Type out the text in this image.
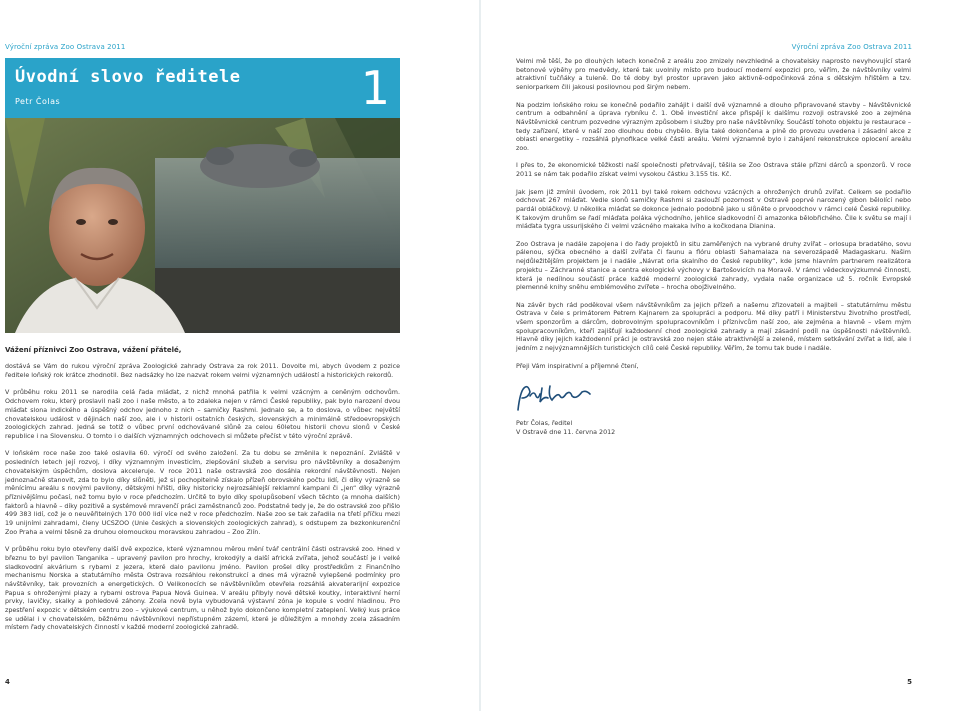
Výroční zpráva Zoo Ostrava 2011
Úvodní slovo ředitele
Petr Čolas	1

Vážení příznivci Zoo Ostrava, vážení přátelé,

dostává se Vám do rukou výroční zpráva Zoologické zahrady Ostrava za rok 2011. Dovolte mi, abych úvodem z pozice ředitele loňský rok krátce zhodnotil. Bez nadsázky ho lze nazvat rokem velmi významných událostí a historických rekordů.

V průběhu roku 2011 se narodila celá řada mláďat, z nichž mnohá patřila k velmi vzácným a ceněným odchovům. Odchovem roku, který proslavil naši zoo i naše město, a to zdaleka nejen v rámci České republiky, pak bylo narození dvou mláďat slona indického a úspěšný odchov jednoho z nich – samičky Rashmi. Jednalo se, a to doslova, o vůbec největší chovatelskou událost v dějinách naší zoo, ale i v historii ostatních českých, slovenských a minimálně středoevropských zoologických zahrad. Jedná se totiž o vůbec první odchovávané slůně za celou 60letou historii chovu slonů v České republice i na Slovensku. O tomto i o dalších významných odchovech si můžete přečíst v této výroční zprávě.

V loňském roce naše zoo také oslavila 60. výročí od svého založení. Za tu dobu se změnila k nepoznání. Zvláště v posledních letech její rozvoj, i díky významným investicím, zlepšování služeb a servisu pro návštěvníky a dosaženým chovatelským úspěchům, doslova akceleruje. V roce 2011 naše ostravská zoo dosáhla rekordní návštěvnosti. Nejen jednoznačně stanovit, zda to bylo díky slůněti, jež si pochopitelně získalo přízeň obrovského počtu lidí, či díky výrazně se měnícímu areálu s novými pavilony, dětskými hřišti, díky historicky nejrozsáhlejší reklamní kampani či „jen“ díky výrazně příznivějšímu počasí, než tomu bylo v roce předchozím. Určitě to bylo díky spolupůsobení všech těchto (a mnoha dalších) faktorů a hlavně – díky pozitivě a systémové mravenčí práci zaměstnanců zoo. Podstatné tedy je, že do ostravské zoo přišlo 499 383 lidí, což je o neuvěřitelných 170 000 lidí více než v roce předchozím. Naše zoo se tak zařadila na třetí příčku mezi 19 unijními zahradami, členy UCSZOO (Unie českých a slovenských zoologických zahrad), s odstupem za bezkonkurenční Zoo Praha a velmi těsně za druhou olomouckou moravskou zahradou – Zoo Zlín.

V průběhu roku bylo otevřeny další dvě expozice, které významnou měrou mění tvář centrální části ostravské zoo. Hned v březnu to byl pavilon Tanganika – upravený pavilon pro hrochy, krokodýly a další africká zvířata, jehož součástí je i velké sladkovodní akvárium s rybami z jezera, které dalo pavilonu jméno. Pavilon prošel díky prostředkům z Finančního mechanismu Norska a statutárního města Ostrava rozsáhlou rekonstrukcí a dnes má výrazně vylepšené podmínky pro návštěvníky, tak provozních a energetických. O Velikonocích se návštěvníkům otevřela rozsáhlá akvaterarijní expozice Papua s ohroženými plazy a rybami ostrova Papua Nová Guinea. V areálu přibyly nové dětské koutky, interaktivní herní prvky, lavičky, skalky a pohledové záhony. Zcela nově byla vybudovaná výstavní zóna je kopule s vodní hladinou. Pro zpestření expozic v dětském centru zoo – výukové centrum, u něhož bylo dokončeno kompletní zateplení. Velký kus práce se udělal i v chovatelském, běžnému návštěvníkovi nepřístupném zázemí, které je důležitým a mnohdy zcela zásadním místem řady chovatelských činností v každé moderní zoologické zahradě.

4
Výroční zpráva Zoo Ostrava 2011
5

Velmi mě těší, že po dlouhých letech konečně z areálu zoo zmizely nevzhledné a chovatelsky naprosto nevyhovující staré betonové výběhy pro medvědy, které tak uvolnily místo pro budoucí moderní expozici pro, věřím, že návštěvníky velmi atraktivní tučňáky a tuleně. Do té doby byl prostor upraven jako aktivně-odpočinková zóna s dětským hřištěm a tzv. seniorparkem čili jakousi posilovnou pod širým nebem.

Na podzim loňského roku se konečně podařilo zahájit i další dvě významné a dlouho připravované stavby – Návštěvnické centrum a odbahnění a úprava rybníku č. 1. Obě investiční akce přispějí k dalšímu rozvoji ostravské zoo a zejména Návštěvnické centrum pozvedne výrazným způsobem i služby pro naše návštěvníky. Součástí tohoto objektu je restaurace – tedy zařízení, které v naší zoo dlouhou dobu chybělo. Byla také dokončena a plně do provozu uvedena i zásadní akce z oblasti energetiky – rozsáhlá plynofikace velké části areálu. Velmi významné bylo i zahájení rekonstrukce oplocení areálu zoo.

I přes to, že ekonomické těžkosti naší společnosti přetrvávají, těšila se Zoo Ostrava stále přízni dárců a sponzorů. V roce 2011 se nám tak podařilo získat velmi vysokou částku 3.155 tis. Kč.

Jak jsem již zmínil úvodem, rok 2011 byl také rokem odchovu vzácných a ohrožených druhů zvířat. Celkem se podařilo odchovat 267 mláďat. Vedle slonů samičky Rashmi si zaslouží pozornost v Ostravě poprvé narozený gibon bělolící nebo pardál obláčkový. U několika mláďat se dokonce jednalo podobně jako u slůněte o prvoodchov v rámci celé České republiky. K takovým druhům se řadí mláďata poláka východního, jehlice sladkovodní či amazonka bělobřichého. Čile k světu se mají i mláďata tygra ussurijského či velmi vzácného makaka lvího a kočkodana Dianina.

Zoo Ostrava je nadále zapojena i do řady projektů in situ zaměřených na vybrané druhy zvířat – orlosupa bradatého, sovu pálenou, sýčka obecného a další zvířata či faunu a flóru oblasti Sahamalaza na severozápadě Madagaskaru. Našim nejdůležitějším projektem je i nadále „Návrat orla skalního do České republiky“, kde jsme hlavním partnerem realizátora projektu – Záchranné stanice a centra ekologické výchovy v Bartošovicích na Moravě. V rámci vědeckovýzkumné činnosti, která je nedílnou součástí práce každé moderní zoologické zahrady, vydala naše organizace už 5. ročník Evropské plemenné knihy sněhu emblémového zvířete – hrocha obojživelného.

Na závěr bych rád poděkoval všem návštěvníkům za jejich přízeň a našemu zřizovateli a majiteli – statutárnímu městu Ostrava v čele s primátorem Petrem Kajnarem za spolupráci a podporu. Mé díky patří i Ministerstvu životního prostředí, všem sponzorům a dárcům, dobrovolným spolupracovníkům i příznivcům naší zoo, ale zejména a hlavně – všem mým spolupracovníkům, kteří zajišťují každodenní chod zoologické zahrady a mají zásadní podíl na úspěšnosti návštěvníků. Hlavně díky jejich každodenní práci je ostravská zoo nejen stále atraktivnější a zeleně, místem setkávání zvířat a lidí, ale i jedním z nejvýznamnějších turistických cílů celé České republiky. Věřím, že tomu tak bude i nadále.

Přeji Vám inspirativní a příjemné čtení,

Petr Čolas, ředitel
V Ostravě dne 11. června 2012
